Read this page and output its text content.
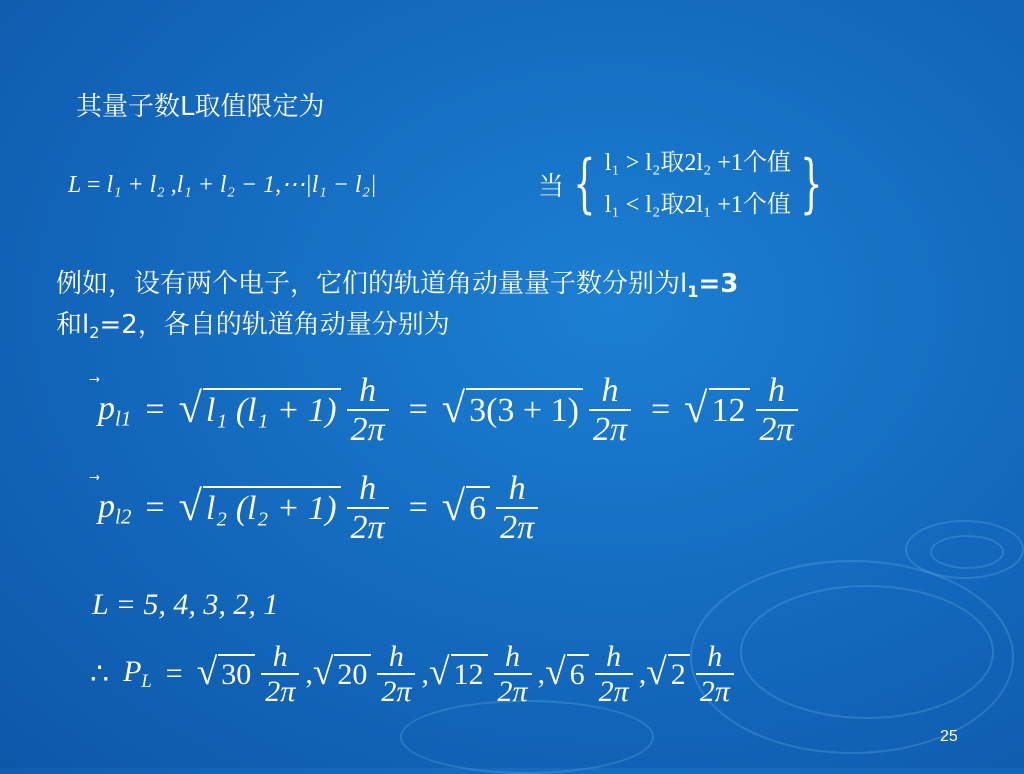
其量子数L取值限定为
L = l₁ + l₂ ,l₁ + l₂ − 1,⋯|l₁ − l₂|	当 { l₁ > l₂取2l₂ +1个值
l₁ < l₂取2l₁ +1个值 }
例如，设有两个电子，它们的轨道角动量量子数分别为$l_1=3$
和$l_2=2$，各自的轨道角动量分别为
$p_{l1}$ = √ l₁ $(l_1 + 1) \frac{h}{2\pi}$ = √ $3(3 + 1) \frac{h}{2\pi}$ = √ $12 \frac{h}{2\pi}$
$p_{l2}$ = √ l₂ $(l_2 + 1) \frac{h}{2\pi}$ = √ $6 \frac{h}{2\pi}$
L = 5, 4, 3, 2, 1
∴ $P_L$ = √ $30 \frac{h}{2\pi}$ , √ $20 \frac{h}{2\pi}$ , √ $12 \frac{h}{2\pi}$ , √ $6 \frac{h}{2\pi}$ , √ $2 \frac{h}{2\pi}$
25
